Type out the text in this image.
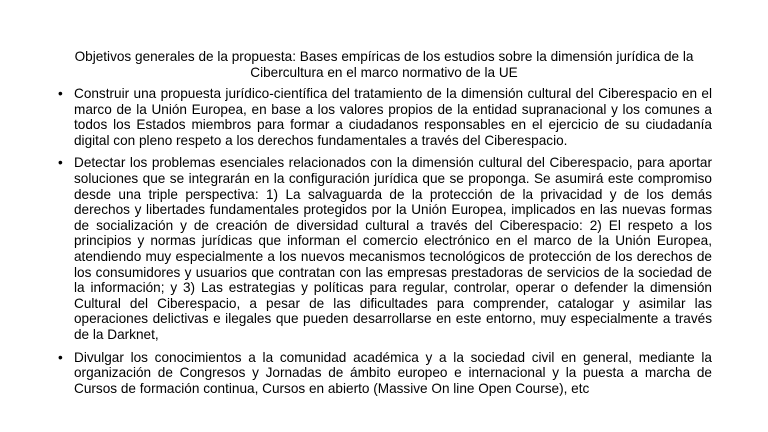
Objetivos generales de la propuesta: Bases empíricas de los estudios sobre la dimensión jurídica de la Cibercultura en el marco normativo de la UE
• Construir una propuesta jurídico-científica del tratamiento de la dimensión cultural del Ciberespacio en el marco de la Unión Europea, en base a los valores propios de la entidad supranacional y los comunes a todos los Estados miembros para formar a ciudadanos responsables en el ejercicio de su ciudadanía digital con pleno respeto a los derechos fundamentales a través del Ciberespacio.
• Detectar los problemas esenciales relacionados con la dimensión cultural del Ciberespacio, para aportar soluciones que se integrarán en la configuración jurídica que se proponga. Se asumirá este compromiso desde una triple perspectiva: 1) La salvaguarda de la protección de la privacidad y de los demás derechos y libertades fundamentales protegidos por la Unión Europea, implicados en las nuevas formas de socialización y de creación de diversidad cultural a través del Ciberespacio: 2) El respeto a los principios y normas jurídicas que informan el comercio electrónico en el marco de la Unión Europea, atendiendo muy especialmente a los nuevos mecanismos tecnológicos de protección de los derechos de los consumidores y usuarios que contratan con las empresas prestadoras de servicios de la sociedad de la información; y 3) Las estrategias y políticas para regular, controlar, operar o defender la dimensión Cultural del Ciberespacio, a pesar de las dificultades para comprender, catalogar y asimilar las operaciones delictivas e ilegales que pueden desarrollarse en este entorno, muy especialmente a través de la Darknet,
• Divulgar los conocimientos a la comunidad académica y a la sociedad civil en general, mediante la organización de Congresos y Jornadas de ámbito europeo e internacional y la puesta a marcha de Cursos de formación continua, Cursos en abierto (Massive On line Open Course), etc
